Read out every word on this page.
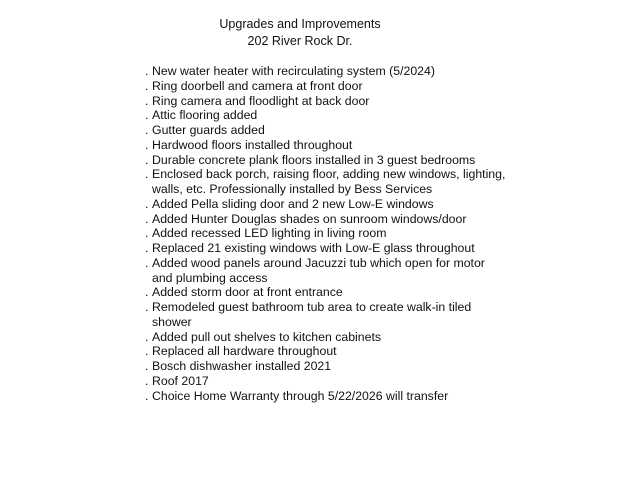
Upgrades and Improvements
202 River Rock Dr.
. New water heater with recirculating system (5/2024)
. Ring doorbell and camera at front door
. Ring camera and floodlight at back door
. Attic flooring added
. Gutter guards added
. Hardwood floors installed throughout
. Durable concrete plank floors installed in 3 guest bedrooms
. Enclosed back porch, raising floor, adding new windows, lighting,
walls, etc. Professionally installed by Bess Services
. Added Pella sliding door and 2 new Low-E windows
. Added Hunter Douglas shades on sunroom windows/door
. Added recessed LED lighting in living room
. Replaced 21 existing windows with Low-E glass throughout
. Added wood panels around Jacuzzi tub which open for motor
and plumbing access
. Added storm door at front entrance
. Remodeled guest bathroom tub area to create walk-in tiled
shower
. Added pull out shelves to kitchen cabinets
. Replaced all hardware throughout
. Bosch dishwasher installed 2021
. Roof 2017
. Choice Home Warranty through 5/22/2026 will transfer
